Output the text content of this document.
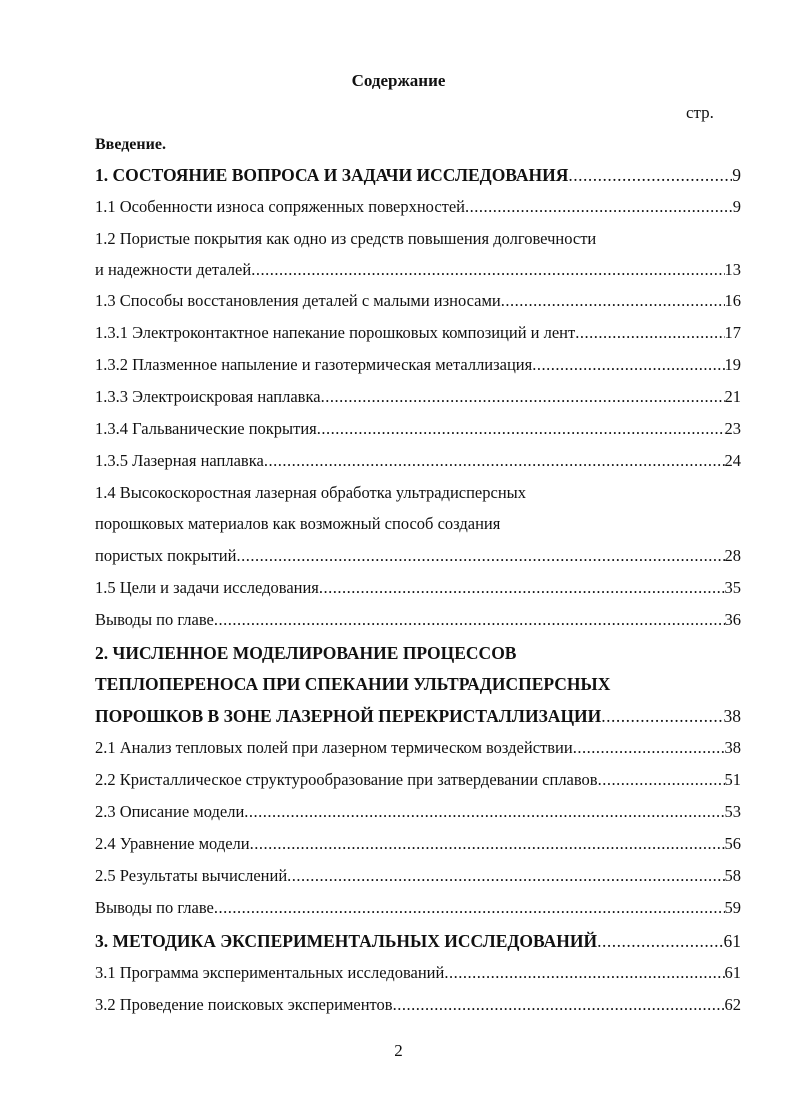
Содержание
стр.
Введение.
1. СОСТОЯНИЕ ВОПРОСА И ЗАДАЧИ ИССЛЕДОВАНИЯ .....	9
1.1 Особенности износа сопряженных поверхностей .....	9
1.2 Пористые покрытия как одно из средств повышения долговечности
и надежности деталей .....	13
1.3 Способы восстановления деталей с малыми износами .....	16
1.3.1 Электроконтактное напекание порошковых композиций и лент .....	17
1.3.2 Плазменное напыление и газотермическая металлизация .....	19
1.3.3 Электроискровая наплавка .....	21
1.3.4 Гальванические покрытия .....	23
1.3.5 Лазерная наплавка .....	24
1.4 Высокоскоростная лазерная обработка ультрадисперсных
порошковых материалов как возможный способ создания
пористых покрытий .....	28
1.5 Цели и задачи исследования .....	35
Выводы по главе .....	36
2. ЧИСЛЕННОЕ МОДЕЛИРОВАНИЕ ПРОЦЕССОВ
ТЕПЛОПЕРЕНОСА ПРИ СПЕКАНИИ УЛЬТРАДИСПЕРСНЫХ
ПОРОШКОВ В ЗОНЕ ЛАЗЕРНОЙ ПЕРЕКРИСТАЛЛИЗАЦИИ .....	38
2.1 Анализ тепловых полей при лазерном термическом воздействии .....	38
2.2 Кристаллическое структурообразование при затвердевании сплавов .....	51
2.3 Описание модели .....	53
2.4 Уравнение модели .....	56
2.5 Результаты вычислений .....	58
Выводы по главе .....	59
3. МЕТОДИКА ЭКСПЕРИМЕНТАЛЬНЫХ ИССЛЕДОВАНИЙ .....	61
3.1 Программа экспериментальных исследований .....	61
3.2 Проведение поисковых экспериментов .....	62
2
